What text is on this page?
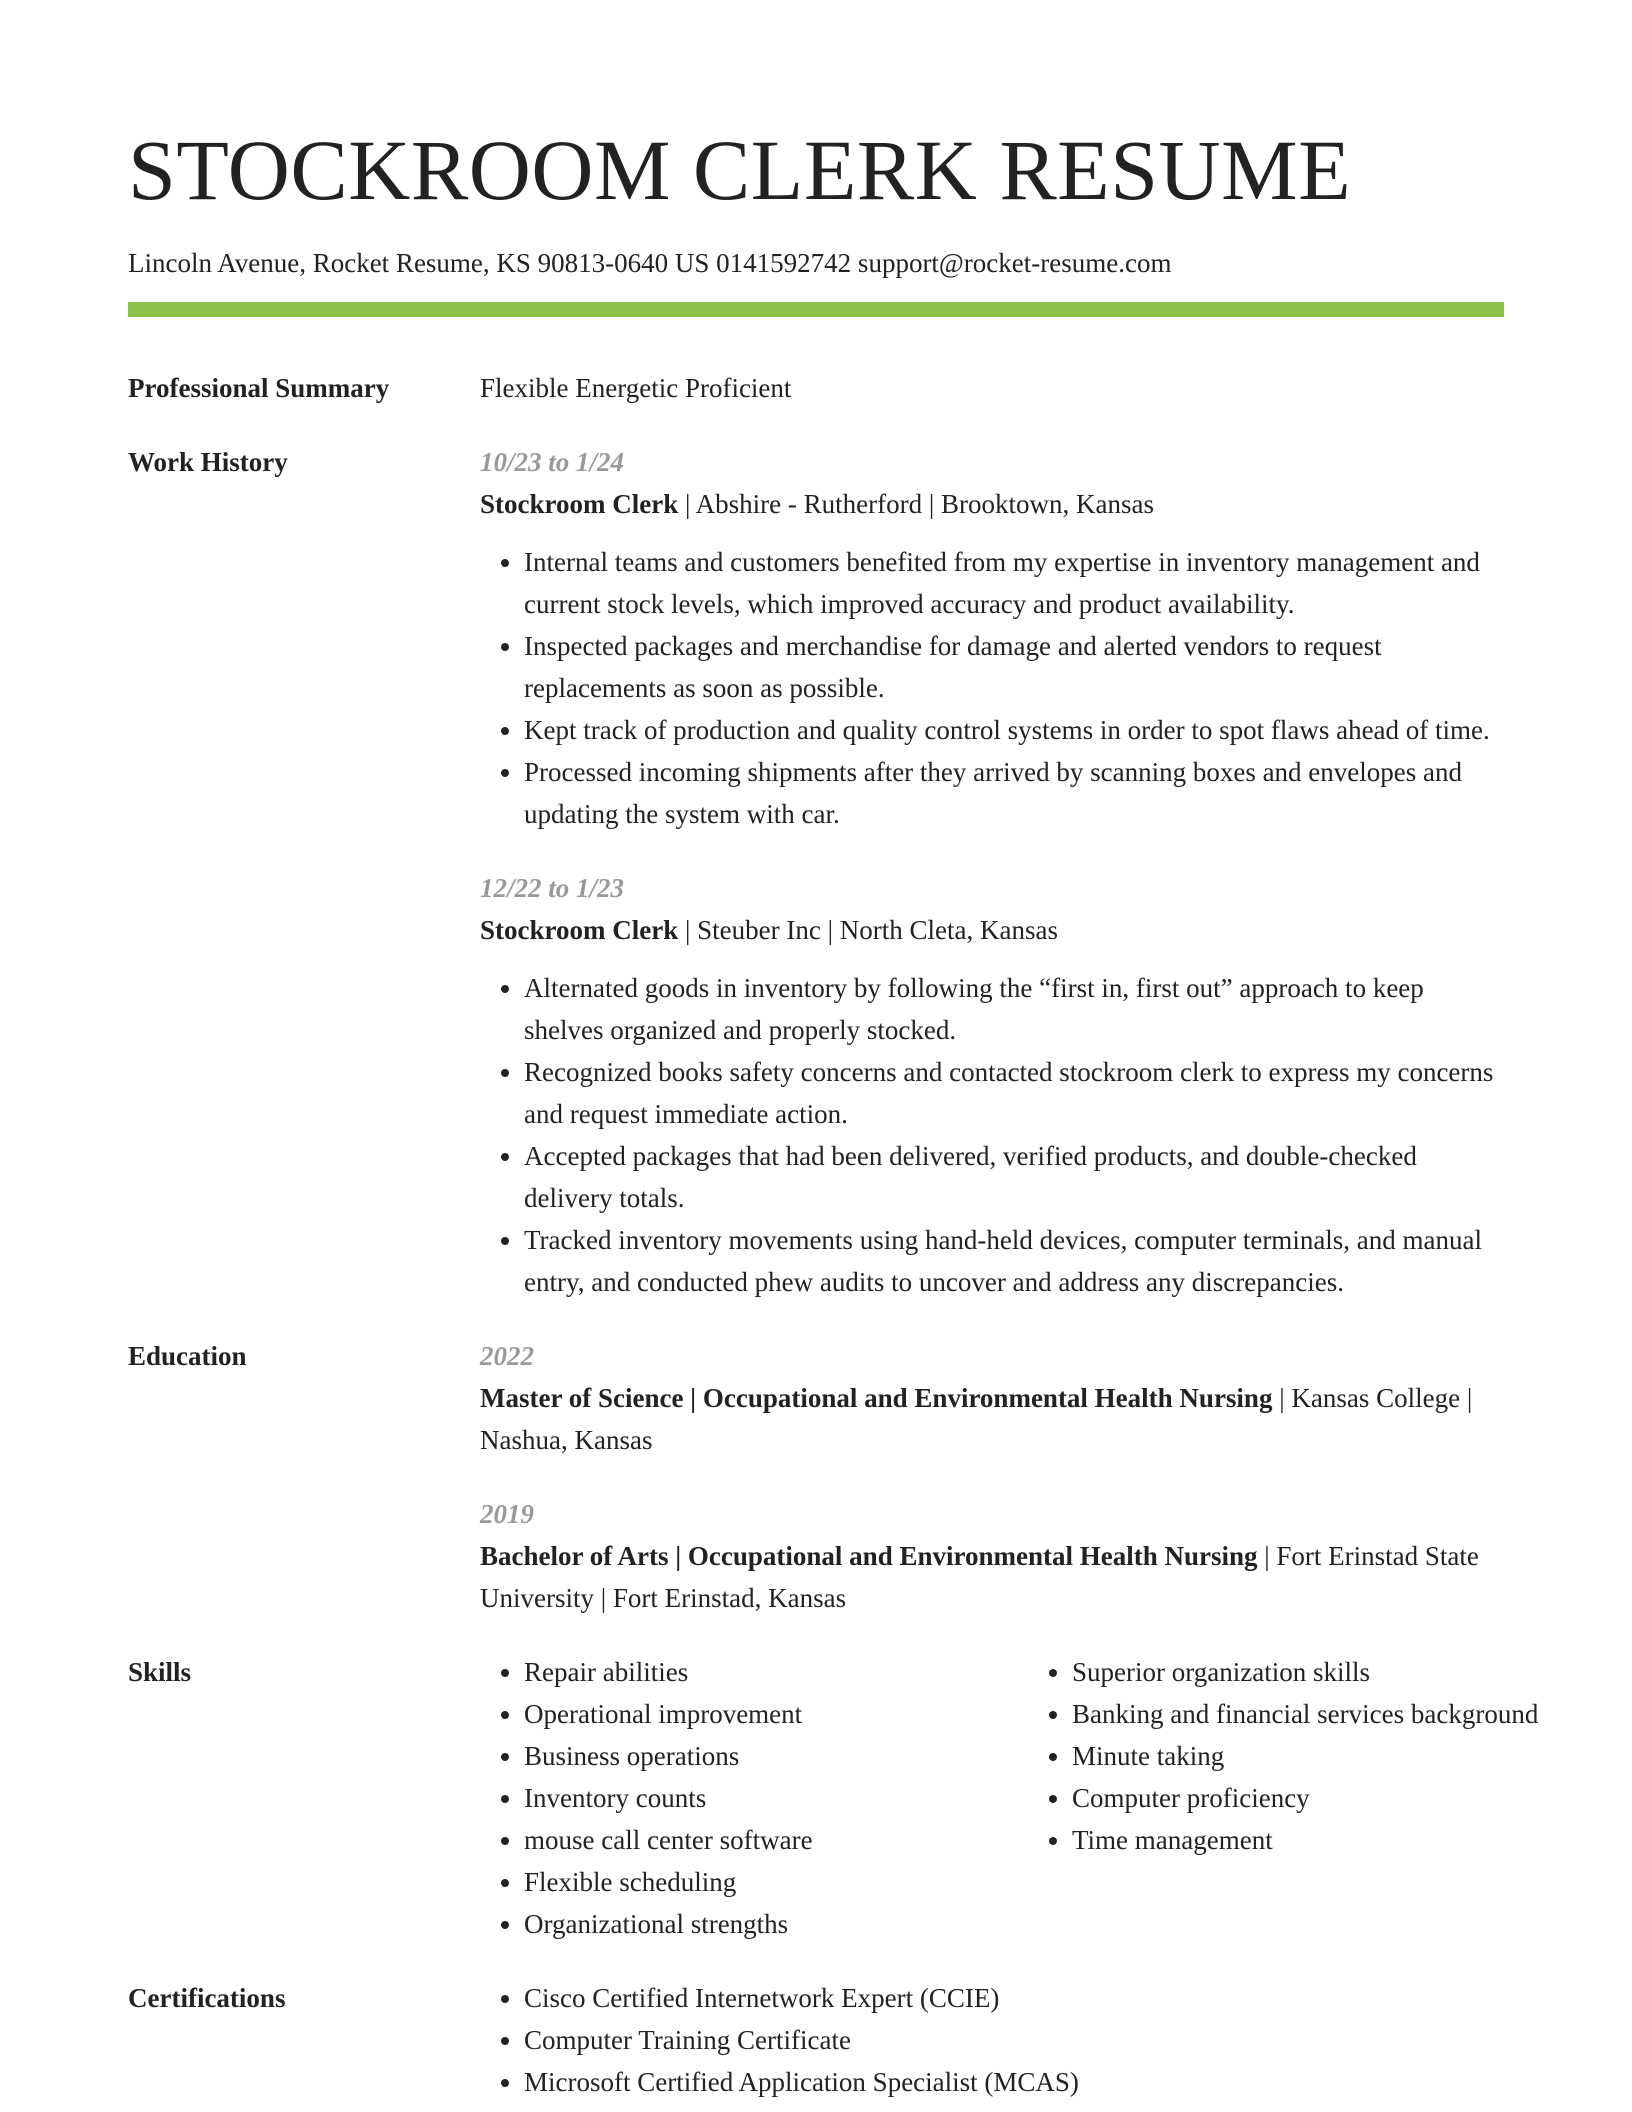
STOCKROOM CLERK RESUME
Lincoln Avenue, Rocket Resume, KS 90813-0640 US 0141592742 support@rocket-resume.com
Professional Summary	Flexible Energetic Proficient
Work History	10/23 to 1/24
Stockroom Clerk | Abshire - Rutherford | Brooktown, Kansas
• Internal teams and customers benefited from my expertise in inventory management and current stock levels, which improved accuracy and product availability.
• Inspected packages and merchandise for damage and alerted vendors to request replacements as soon as possible.
• Kept track of production and quality control systems in order to spot flaws ahead of time.
• Processed incoming shipments after they arrived by scanning boxes and envelopes and updating the system with car.
12/22 to 1/23
Stockroom Clerk | Steuber Inc | North Cleta, Kansas
• Alternated goods in inventory by following the “first in, first out” approach to keep shelves organized and properly stocked.
• Recognized books safety concerns and contacted stockroom clerk to express my concerns and request immediate action.
• Accepted packages that had been delivered, verified products, and double-checked delivery totals.
• Tracked inventory movements using hand-held devices, computer terminals, and manual entry, and conducted phew audits to uncover and address any discrepancies.
Education	2022
Master of Science | Occupational and Environmental Health Nursing | Kansas College | Nashua, Kansas
2019
Bachelor of Arts | Occupational and Environmental Health Nursing | Fort Erinstad State University | Fort Erinstad, Kansas
Skills	• Repair abilities
• Operational improvement
• Business operations
• Inventory counts
• mouse call center software
• Flexible scheduling
• Organizational strengths
• Superior organization skills
• Banking and financial services background
• Minute taking
• Computer proficiency
• Time management
Certifications	• Cisco Certified Internetwork Expert (CCIE)
• Computer Training Certificate
• Microsoft Certified Application Specialist (MCAS)
